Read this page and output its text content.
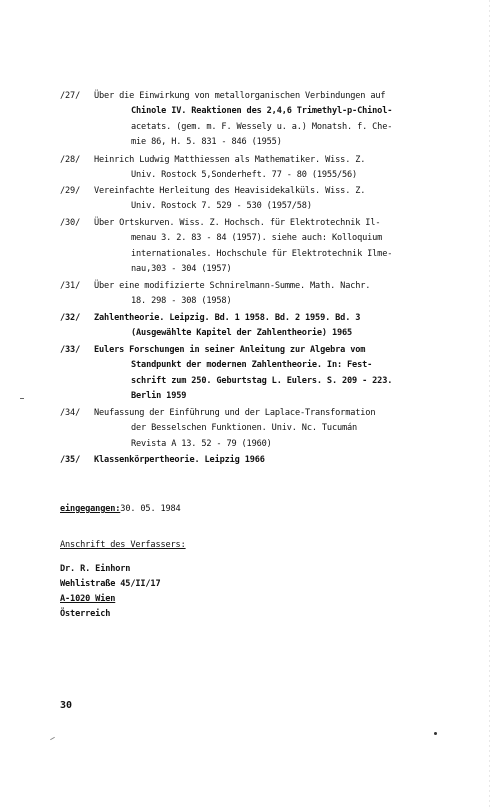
/27/	Über die Einwirkung von metallorganischen Verbindungen auf
Chinole IV. Reaktionen des 2,4,6 Trimethyl-p-Chinol-
acetats. (gem. m. F. Wessely u. a.) Monatsh. f. Che-
mie 86, H. 5. 831 - 846 (1955)
/28/	Heinrich Ludwig Matthiessen als Mathematiker. Wiss. Z.
Univ. Rostock 5,Sonderheft. 77 - 80 (1955/56)
/29/	Vereinfachte Herleitung des Heavisidekalküls. Wiss. Z.
Univ. Rostock 7. 529 - 530 (1957/58)
/30/	Über Ortskurven. Wiss. Z. Hochsch. für Elektrotechnik Il-
menau 3. 2. 83 - 84 (1957). siehe auch: Kolloquium
internationales. Hochschule für Elektrotechnik Ilme-
nau,303 - 304 (1957)
/31/	Über eine modifizierte Schnirelmann-Summe. Math. Nachr.
18. 298 - 308 (1958)
/32/	Zahlentheorie. Leipzig. Bd. 1 1958. Bd. 2 1959. Bd. 3
(Ausgewählte Kapitel der Zahlentheorie) 1965
/33/	Eulers Forschungen in seiner Anleitung zur Algebra vom
Standpunkt der modernen Zahlentheorie. In: Fest-
schrift zum 250. Geburtstag L. Eulers. S. 209 - 223.
Berlin 1959
/34/	Neufassung der Einführung und der Laplace-Transformation
der Besselschen Funktionen. Univ. Nc. Tucumán
Revista A 13. 52 - 79 (1960)
/35/	Klassenkörpertheorie. Leipzig 1966
eingegangen:30. 05. 1984
Anschrift des Verfassers:
Dr. R. Einhorn
Wehlistraße 45/II/17
A-1020 Wien
Österreich
30
